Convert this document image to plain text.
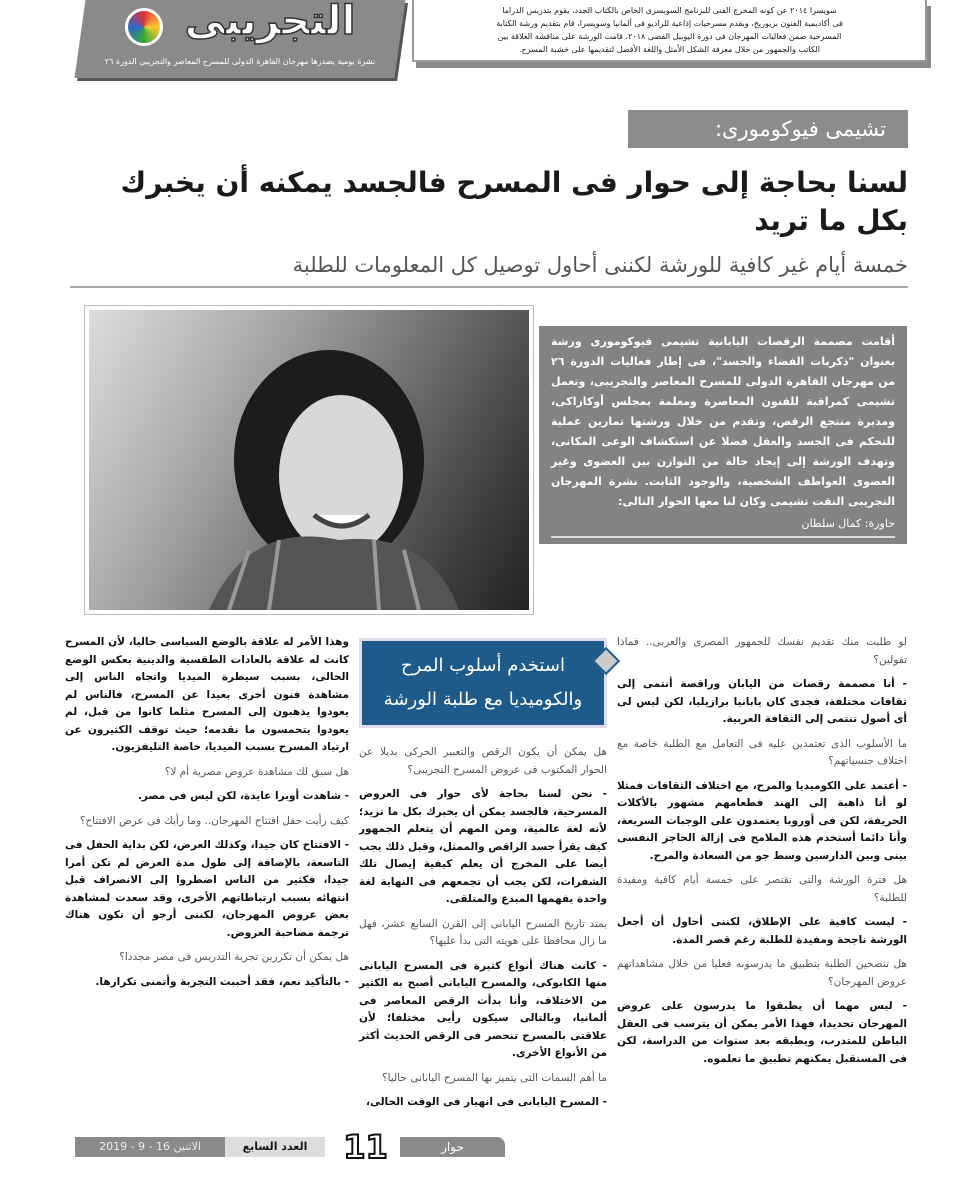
التجريبى
نشرة يومية يصدرها مهرجان القاهرة الدولى للمسرح المعاصر والتجريبى الدورة ٢٦
سويسرا ٢٠١٤ عن كونه المخرج الفنى للبرنامج السويسرى الخاص بالكتاب الجدد، يقوم بتدريس الدراما
فى أكاديمية الفنون بزيوريخ، ويقدم مسرحيات إذاعية للراديو فى ألمانيا وسويسرا، قام بتقديم ورشة الكتابة
المسرحية ضمن فعاليات المهرجان فى دورة اليوبيل الفضى ٢٠١٨، قامت الورشة على مناقشة العلاقة بين
الكاتب والجمهور من خلال معرفة الشكل الأمثل واللغة الأفضل لتقديمها على خشبة المسرح.
تشيمى فيوكومورى:
لسنا بحاجة إلى حوار فى المسرح فالجسد يمكنه أن يخبرك بكل ما تريد
خمسة أيام غير كافية للورشة لكننى أحاول توصيل كل المعلومات للطلبة
أقامت مصممة الرقصات اليابانية تشيمى فيوكومورى ورشة بعنوان "ذكريات الفضاء والجسد"، فى إطار فعاليات الدورة ٢٦ من مهرجان القاهرة الدولى للمسرح المعاصر والتجريبى، وتعمل تشيمى كمراقبة للفنون المعاصرة ومعلمة بمجلس أوكازاكى، ومديرة منتجع الرقص، وتقدم من خلال ورشتها تمارين عملية للتحكم فى الجسد والعقل فضلا عن استكشاف الوعى المكانى، وتهدف الورشة إلى إيجاد حالة من التوازن بين العضوى وغير العضوى العواطف الشخصية، والوجود الثابت. نشرة المهرجان التجريبى التقت تشيمى وكان لنا معها الحوار التالى:
حاورة: كمال سلطان

لو طلبت منك تقديم نفسك للجمهور المصرى والعربى.. فماذا تقولين؟

- أنا مصممة رقصات من اليابان وراقصة أنتمى إلى ثقافات مختلفة، فجدى كان يابانيا برازيليا، لكن ليس لى أى أصول تنتمى إلى الثقافة العربية.

ما الأسلوب الذى تعتمدين عليه فى التعامل مع الطلبة خاصة مع اختلاف جنسياتهم؟

- أعتمد على الكوميديا والمرح، مع اختلاف الثقافات فمثلا لو أنا ذاهبة إلى الهند فطعامهم مشهور بالأكلات الحريفة، لكن فى أوروبا يعتمدون على الوجبات السريعة، وأنا دائما أستخدم هذه الملامح فى إزالة الحاجز النفسى بينى وبين الدارسين وسط جو من السعادة والمرح.

هل فترة الورشة والتى تقتصر على خمسة أيام كافية ومفيدة للطلبة؟

- ليست كافية على الإطلاق، لكننى أحاول أن أجعل الورشة ناجحة ومفيدة للطلبة رغم قصر المدة.

هل تنصحين الطلبة بتطبيق ما يدرسونه فعليا من خلال مشاهداتهم عروض المهرجان؟

- ليس مهما أن يطبقوا ما يدرسون على عروض المهرجان تحديدا، فهذا الأمر يمكن أن يترسب فى العقل الباطن للمتدرب، ويطبقه بعد سنوات من الدراسة، لكن فى المستقبل يمكنهم تطبيق ما تعلموه.

استخدم أسلوب المرح والكوميديا مع طلبة الورشة

هل يمكن أن يكون الرقص والتعبير الحركى بديلا عن الحوار المكتوب فى عروض المسرح التجريبى؟

- نحن لسنا بحاجة لأى حوار فى العروض المسرحية، فالجسد يمكن أن يخبرك بكل ما تريد؛ لأنه لغة عالمية، ومن المهم أن يتعلم الجمهور كيف يقرأ جسد الراقص والممثل، وقبل ذلك يجب أيضا على المخرج أن يعلم كيفية إيصال تلك الشفرات، لكن يجب أن تجمعهم فى النهاية لغة واحدة يفهمها المبدع والمتلقى.

يمتد تاريخ المسرح اليابانى إلى القرن السابع عشر، فهل ما زال محافظا على هويته التى بدأ عليها؟

- كانت هناك أنواع كثيرة فى المسرح اليابانى منها الكابوكى، والمسرح اليابانى أصبح به الكثير من الاختلاف، وأنا بدأت الرقص المعاصر فى ألمانيا، وبالتالى سيكون رأيى مختلفا؛ لأن علاقتى بالمسرح تنحصر فى الرقص الحديث أكثر من الأنواع الأخرى.

ما أهم السمات التى يتميز بها المسرح اليابانى حاليا؟

- المسرح اليابانى فى انهيار فى الوقت الحالى،

وهذا الأمر له علاقة بالوضع السياسى حاليا، لأن المسرح كانت له علاقة بالعادات الطقسية والدينية بعكس الوضع الحالى، بسبب سيطرة الميديا واتجاه الناس إلى مشاهدة فنون أخرى بعيدا عن المسرح، فالناس لم يعودوا يذهبون إلى المسرح مثلما كانوا من قبل، لم يعودوا يتحمسون ما نقدمه؛ حيث توقف الكثيرون عن ارتياد المسرح بسبب الميديا، خاصة التليفزيون.

هل سبق لك مشاهدة عروض مصرية أم لا؟

- شاهدت أوبرا عايدة، لكن ليس فى مصر.

كيف رأيت حفل افتتاح المهرجان.. وما رأيك فى عرض الافتتاح؟

- الافتتاح كان جيدا، وكذلك العرض، لكن بداية الحفل فى التاسعة، بالإضافة إلى طول مدة العرض لم تكن أمرا جيدا، فكثير من الناس اضطروا إلى الانصراف قبل انتهائه بسبب ارتباطاتهم الأخرى، وقد سعدت لمشاهدة بعض عروض المهرجان، لكننى أرجو أن تكون هناك ترجمة مصاحبة العروض.

هل يمكن أن تكررين تجربة التدريس فى مصر مجددا؟

- بالتأكيد نعم، فقد أحببت التجربة وأتمنى تكرارها.

الاثنين 16 - 9 - 2019	العدد السابع	11	حوار
